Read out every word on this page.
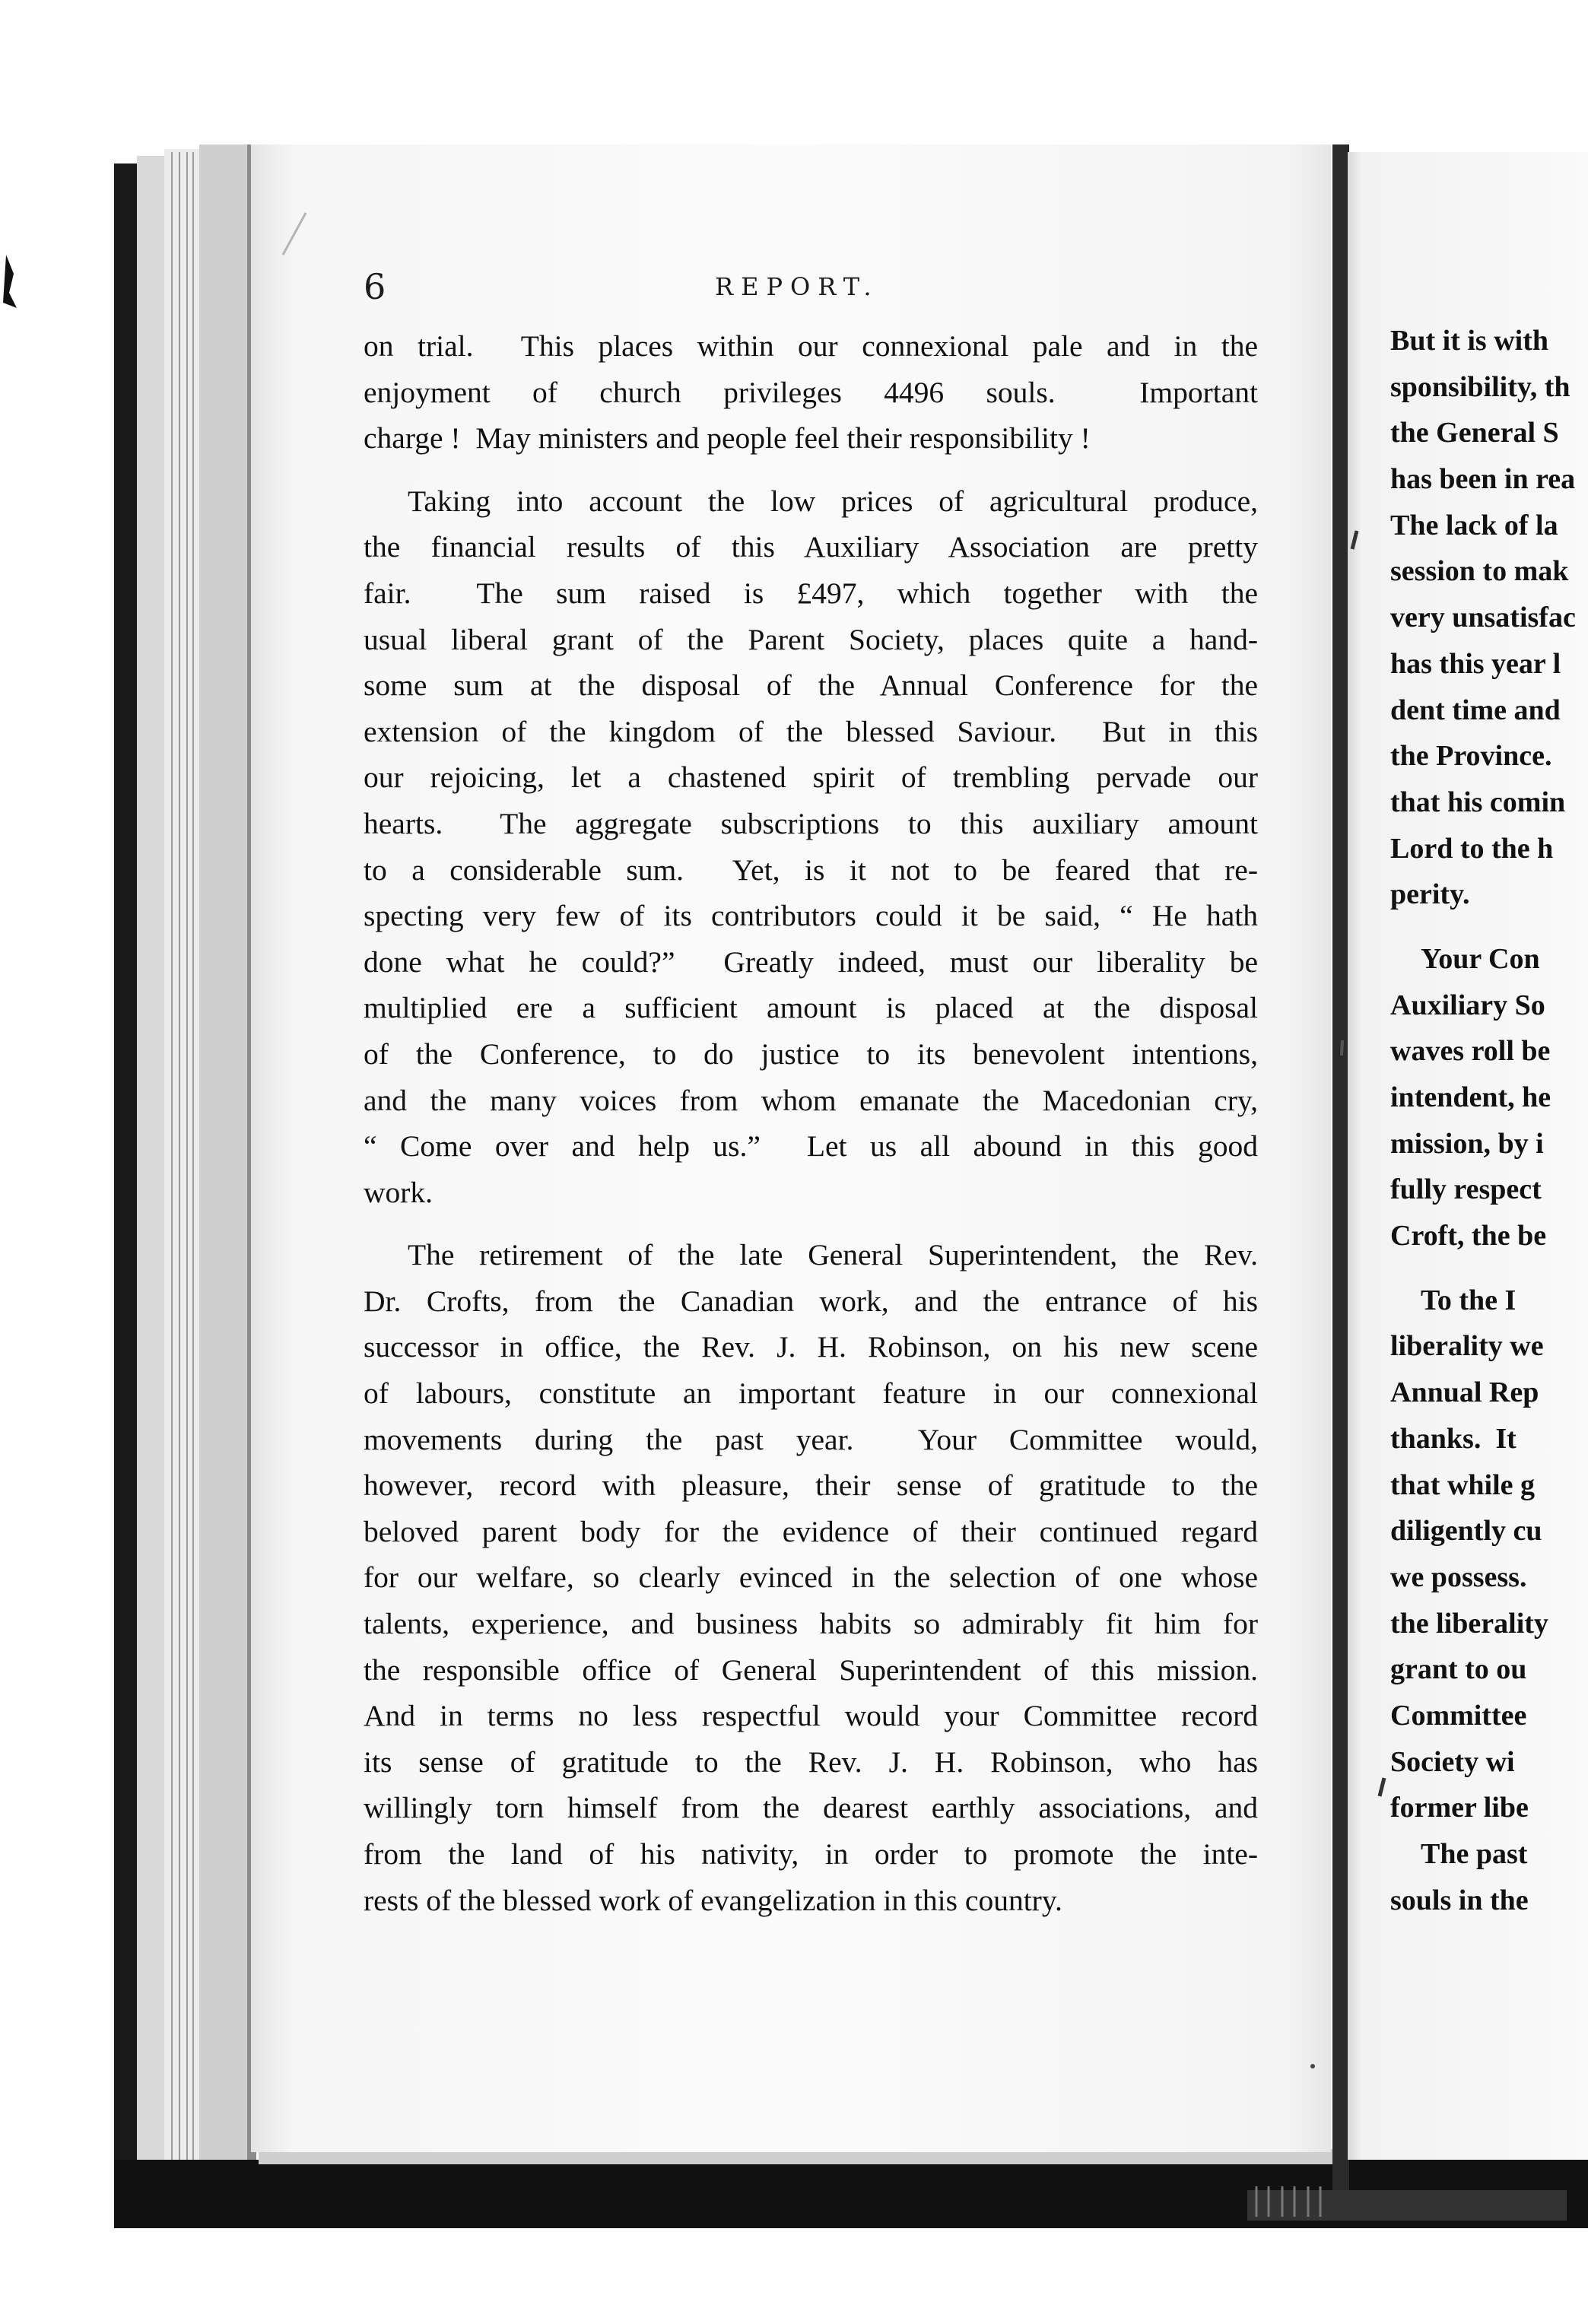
6	REPORT.
on trial.  This places within our connexional pale and in the
enjoyment of church privileges 4496 souls.  Important
charge !  May ministers and people feel their responsibility !
Taking into account the low prices of agricultural produce,
the financial results of this Auxiliary Association are pretty
fair.  The sum raised is £497, which together with the
usual liberal grant of the Parent Society, places quite a hand-
some sum at the disposal of the Annual Conference for the
extension of the kingdom of the blessed Saviour.  But in this
our rejoicing, let a chastened spirit of trembling pervade our
hearts.  The aggregate subscriptions to this auxiliary amount
to a considerable sum.  Yet, is it not to be feared that re-
specting very few of its contributors could it be said, “ He hath
done what he could?”  Greatly indeed, must our liberality be
multiplied ere a sufficient amount is placed at the disposal
of the Conference, to do justice to its benevolent intentions,
and the many voices from whom emanate the Macedonian cry,
“ Come over and help us.”  Let us all abound in this good
work.
The retirement of the late General Superintendent, the Rev.
Dr. Crofts, from the Canadian work, and the entrance of his
successor in office, the Rev. J. H. Robinson, on his new scene
of labours, constitute an important feature in our connexional
movements during the past year.  Your Committee would,
however, record with pleasure, their sense of gratitude to the
beloved parent body for the evidence of their continued regard
for our welfare, so clearly evinced in the selection of one whose
talents, experience, and business habits so admirably fit him for
the responsible office of General Superintendent of this mission.
And in terms no less respectful would your Committee record
its sense of gratitude to the Rev. J. H. Robinson, who has
willingly torn himself from the dearest earthly associations, and
from the land of his nativity, in order to promote the inte-
rests of the blessed work of evangelization in this country.
But it is with
sponsibility, th
the General S
has been in rea
The lack of la
session to mak
very unsatisfac
has this year l
dent time and
the Province.
that his comin
Lord to the h
perity.
Your Con
Auxiliary So
waves roll be
intendent, he
mission, by i
fully respect
Croft, the be
To the I
liberality we
Annual Rep
thanks.  It
that while g
diligently cu
we possess.
the liberality
grant to ou
Committee
Society wi
former libe
The past
souls in the
